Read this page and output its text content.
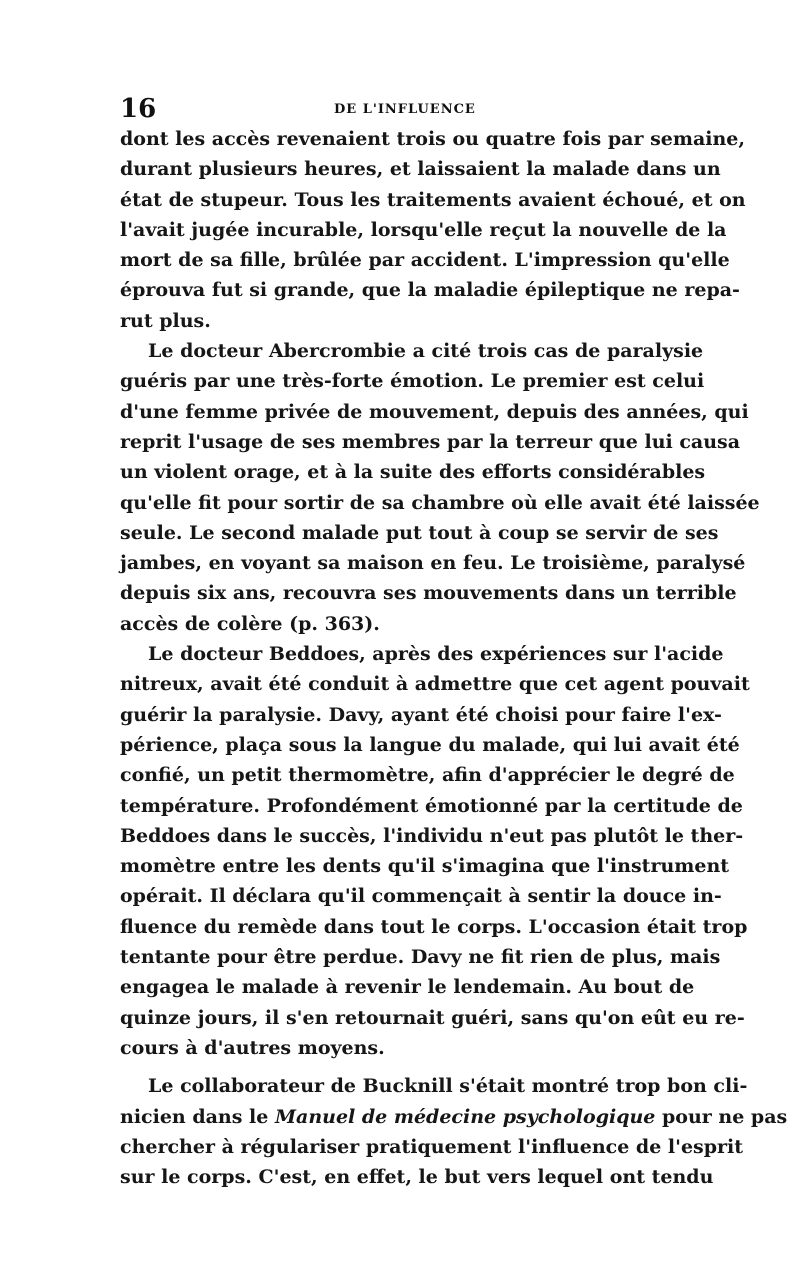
16	DE L'INFLUENCE
dont les accès revenaient trois ou quatre fois par semaine,
durant plusieurs heures, et laissaient la malade dans un
état de stupeur. Tous les traitements avaient échoué, et on
l'avait jugée incurable, lorsqu'elle reçut la nouvelle de la
mort de sa fille, brûlée par accident. L'impression qu'elle
éprouva fut si grande, que la maladie épileptique ne repa-
rut plus.
Le docteur Abercrombie a cité trois cas de paralysie
guéris par une très-forte émotion. Le premier est celui
d'une femme privée de mouvement, depuis des années, qui
reprit l'usage de ses membres par la terreur que lui causa
un violent orage, et à la suite des efforts considérables
qu'elle fit pour sortir de sa chambre où elle avait été laissée
seule. Le second malade put tout à coup se servir de ses
jambes, en voyant sa maison en feu. Le troisième, paralysé
depuis six ans, recouvra ses mouvements dans un terrible
accès de colère (p. 363).
Le docteur Beddoes, après des expériences sur l'acide
nitreux, avait été conduit à admettre que cet agent pouvait
guérir la paralysie. Davy, ayant été choisi pour faire l'ex-
périence, plaça sous la langue du malade, qui lui avait été
confié, un petit thermomètre, afin d'apprécier le degré de
température. Profondément émotionné par la certitude de
Beddoes dans le succès, l'individu n'eut pas plutôt le ther-
momètre entre les dents qu'il s'imagina que l'instrument
opérait. Il déclara qu'il commençait à sentir la douce in-
fluence du remède dans tout le corps. L'occasion était trop
tentante pour être perdue. Davy ne fit rien de plus, mais
engagea le malade à revenir le lendemain. Au bout de
quinze jours, il s'en retournait guéri, sans qu'on eût eu re-
cours à d'autres moyens.
Le collaborateur de Bucknill s'était montré trop bon cli-
nicien dans le Manuel de médecine psychologique pour ne pas
chercher à régulariser pratiquement l'influence de l'esprit
sur le corps. C'est, en effet, le but vers lequel ont tendu
